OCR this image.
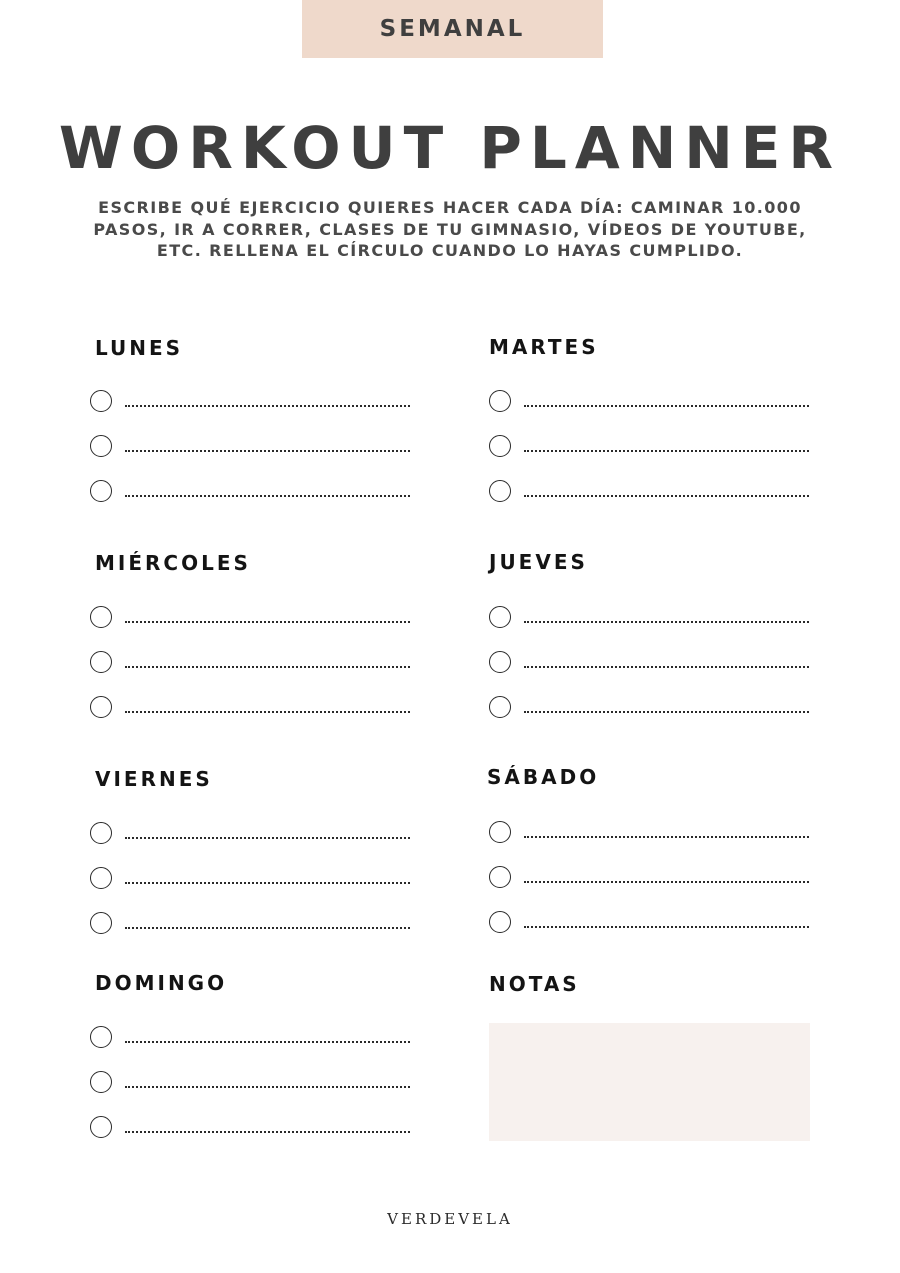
SEMANAL
WORKOUT PLANNER
ESCRIBE QUÉ EJERCICIO QUIERES HACER CADA DÍA: CAMINAR 10.000 PASOS, IR A CORRER, CLASES DE TU GIMNASIO, VÍDEOS DE YOUTUBE, ETC. RELLENA EL CÍRCULO CUANDO LO HAYAS CUMPLIDO.
LUNES	MARTES
MIÉRCOLES	JUEVES
VIERNES	SÁBADO
DOMINGO	NOTAS
VERDEVELA
